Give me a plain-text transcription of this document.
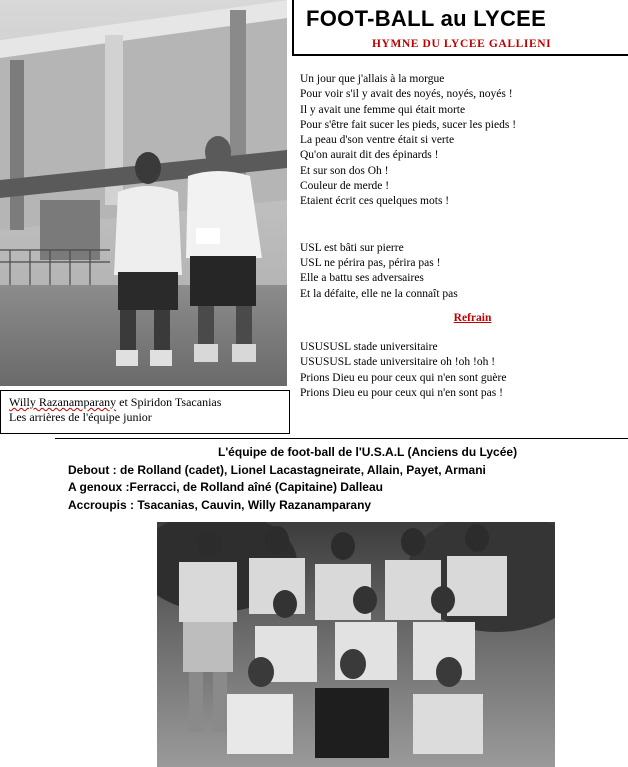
Willy Razanamparany et Spiridon Tsacanias
Les arrières de l'équipe junior
FOOT-BALL au LYCEE
HYMNE DU LYCEE GALLIENI
Un jour que j'allais à la morgue
Pour voir s'il y avait des noyés, noyés, noyés !
Il y avait une femme qui était morte
Pour s'être fait sucer les pieds, sucer les pieds !
La peau d'son ventre était si verte
Qu'on aurait dit des épinards !
Et sur son dos Oh !
Couleur de merde !
Etaient écrit ces quelques mots !
USL est bâti sur pierre
USL ne périra pas, périra pas !
Elle a battu ses adversaires
Et la défaite, elle ne la connaît pas
Refrain
USUSUSL stade universitaire
USUSUSL stade universitaire oh !oh !oh !
Prions Dieu eu pour ceux qui n'en sont guère
Prions Dieu eu pour ceux qui n'en sont pas !
L'équipe de foot-ball de l'U.S.A.L (Anciens du Lycée)
Debout : de Rolland (cadet), Lionel Lacastagneirate, Allain, Payet, Armani
A genoux :Ferracci, de Rolland aîné (Capitaine) Dalleau
Accroupis : Tsacanias, Cauvin, Willy Razanamparany
